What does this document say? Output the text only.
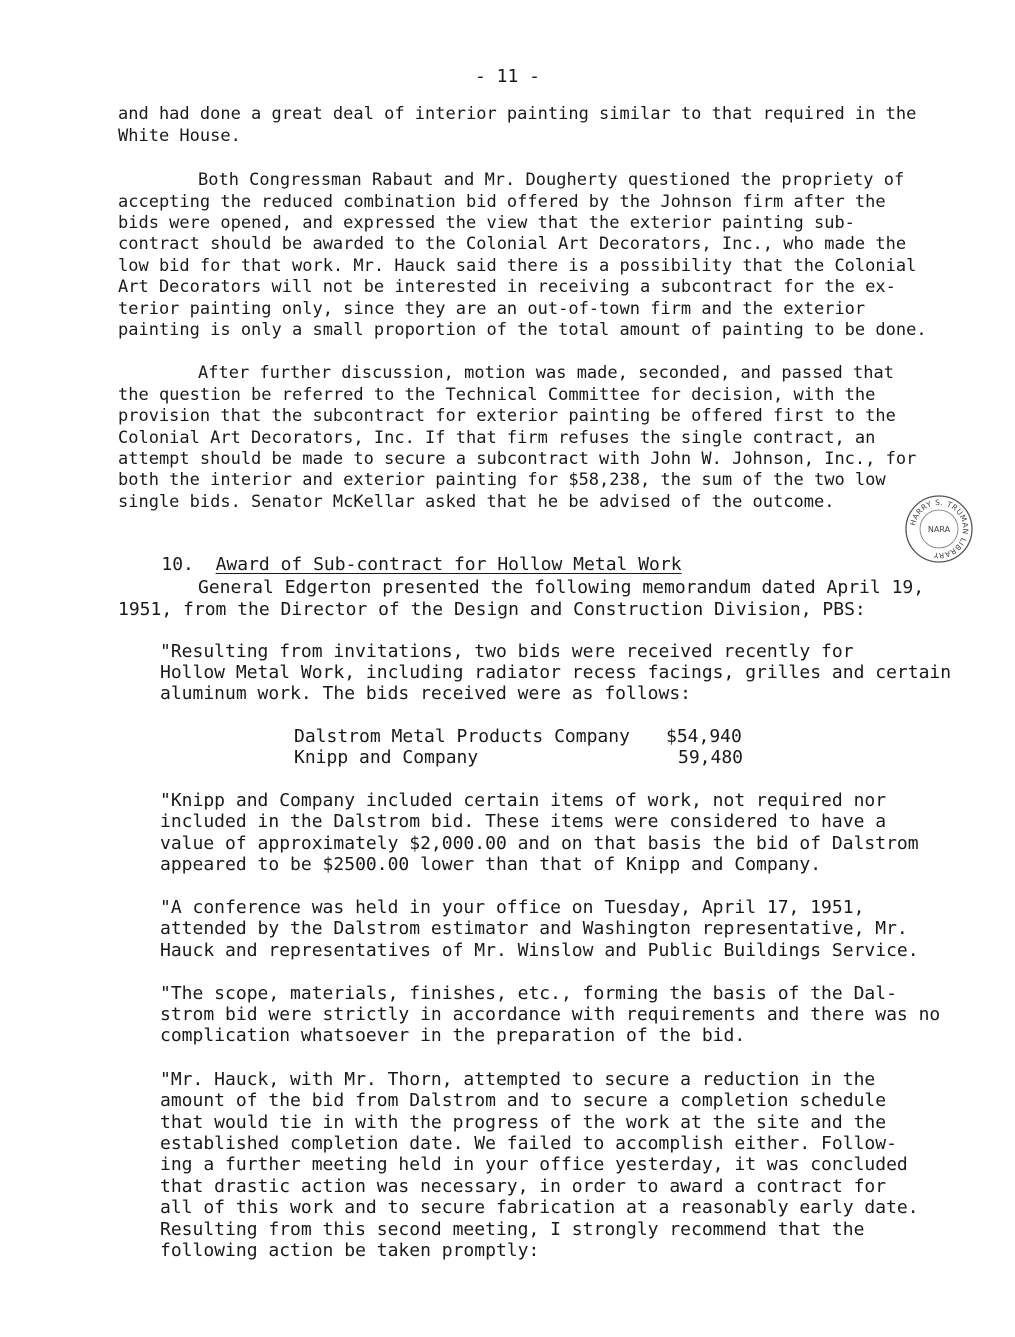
- 11 -
and had done a great deal of interior painting similar to that required in the
White House.
Both Congressman Rabaut and Mr. Dougherty questioned the propriety of
accepting the reduced combination bid offered by the Johnson firm after the
bids were opened, and expressed the view that the exterior painting sub-
contract should be awarded to the Colonial Art Decorators, Inc., who made the
low bid for that work. Mr. Hauck said there is a possibility that the Colonial
Art Decorators will not be interested in receiving a subcontract for the ex-
terior painting only, since they are an out-of-town firm and the exterior
painting is only a small proportion of the total amount of painting to be done.
After further discussion, motion was made, seconded, and passed that
the question be referred to the Technical Committee for decision, with the
provision that the subcontract for exterior painting be offered first to the
Colonial Art Decorators, Inc. If that firm refuses the single contract, an
attempt should be made to secure a subcontract with John W. Johnson, Inc., for
both the interior and exterior painting for $58,238, the sum of the two low
single bids. Senator McKellar asked that he be advised of the outcome.
HARRY S. TRUMAN LIBRARY
NARA

10. Award of Sub-contract for Hollow Metal Work

General Edgerton presented the following memorandum dated April 19,
1951, from the Director of the Design and Construction Division, PBS:
"Resulting from invitations, two bids were received recently for
Hollow Metal Work, including radiator recess facings, grilles and certain
aluminum work. The bids received were as follows:
Dalstrom Metal Products Company $54,940
Knipp and Company	59,480
"Knipp and Company included certain items of work, not required nor
included in the Dalstrom bid. These items were considered to have a
value of approximately $2,000.00 and on that basis the bid of Dalstrom
appeared to be $2500.00 lower than that of Knipp and Company.
"A conference was held in your office on Tuesday, April 17, 1951,
attended by the Dalstrom estimator and Washington representative, Mr.
Hauck and representatives of Mr. Winslow and Public Buildings Service.
"The scope, materials, finishes, etc., forming the basis of the Dal-
strom bid were strictly in accordance with requirements and there was no
complication whatsoever in the preparation of the bid.
"Mr. Hauck, with Mr. Thorn, attempted to secure a reduction in the
amount of the bid from Dalstrom and to secure a completion schedule
that would tie in with the progress of the work at the site and the
established completion date. We failed to accomplish either. Follow-
ing a further meeting held in your office yesterday, it was concluded
that drastic action was necessary, in order to award a contract for
all of this work and to secure fabrication at a reasonably early date.
Resulting from this second meeting, I strongly recommend that the
following action be taken promptly:
